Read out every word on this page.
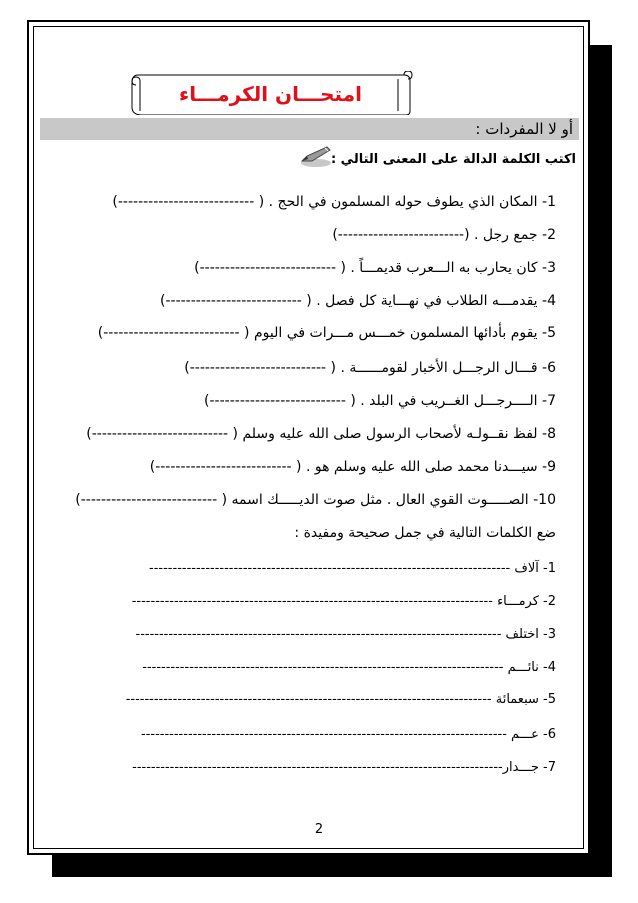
امتحـــان الكرمـــاء
أو لا المفردات :
اكتب الكلمة الدالة على المعنى التالي :
1- المكان الذي يطوف حوله المسلمون في الحج . ( ---------------------------)
2- جمع رجل . (-------------------------)
3- كان يحارب به الـــعرب قديمـــاً . ( ---------------------------)
4- يقدمـــه الطلاب في نهـــاية كل فصل . ( ---------------------------)
5- يقوم بأدائها المسلمون خمـــس مـــرات في اليوم ( ---------------------------)
6- قـــال الرجـــل الأخبار لقومــــــة . ( ---------------------------)
7- الــــرجـــل الغــريب في البلد . ( ---------------------------)
8- لفظ نقــولـه لأصحاب الرسول صلى الله عليه وسلم ( ---------------------------)
9- سيـــدنا محمد صلى الله عليه وسلم هو . ( ---------------------------)
10- الصـــــوت القوي العال . مثل صوت الديـــــك اسمه ( ---------------------------)
ضع الكلمات التالية في جمل صحيحة ومفيدة :
1- آلاف -----------------------------------------------------------------------------
2- كرمـــاء -----------------------------------------------------------------------------
3- اختلف ------------------------------------------------------------------------------
4- نائـــم -----------------------------------------------------------------------------
5- سبعمائة ------------------------------------------------------------------------------
6- عـــم ------------------------------------------------------------------------------
7- جـــدار-------------------------------------------------------------------------------
2
